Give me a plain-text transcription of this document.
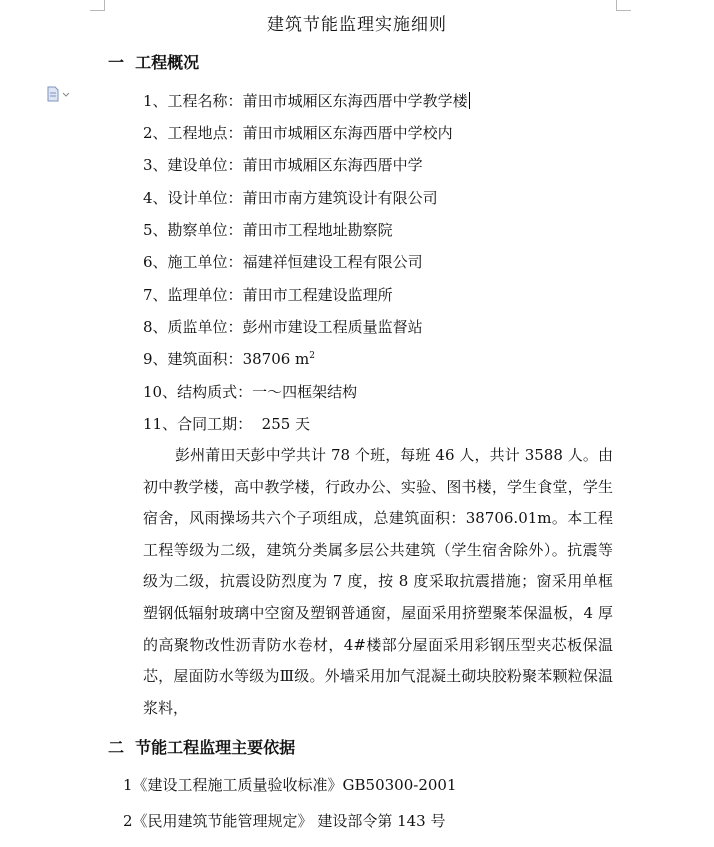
建筑节能监理实施细则
一 工程概况
1、工程名称：莆田市城厢区东海西厝中学教学楼
2、工程地点：莆田市城厢区东海西厝中学校内
3、建设单位：莆田市城厢区东海西厝中学
4、设计单位：莆田市南方建筑设计有限公司
5、勘察单位：莆田市工程地址勘察院
6、施工单位：福建祥恒建设工程有限公司
7、监理单位：莆田市工程建设监理所
8、质监单位：彭州市建设工程质量监督站
9、建筑面积：38706 $m^2$
10、结构质式：一～四框架结构
11、合同工期：  255 天
彭州莆田天彭中学共计 78 个班，每班 46 人，共计 3588 人。由初中教学楼，高中教学楼，行政办公、实验、图书楼，学生食堂，学生宿舍，风雨操场共六个子项组成，总建筑面积：38706.01m。本工程工程等级为二级，建筑分类属多层公共建筑（学生宿舍除外）。抗震等级为二级，抗震设防烈度为 7 度，按 8 度采取抗震措施；窗采用单框塑钢低辐射玻璃中空窗及塑钢普通窗，屋面采用挤塑聚苯保温板，4 厚的高聚物改性沥青防水卷材，4#楼部分屋面采用彩钢压型夹芯板保温芯，屋面防水等级为Ⅲ级。外墙采用加气混凝土砌块胶粉聚苯颗粒保温浆料，
二 节能工程监理主要依据
1《建设工程施工质量验收标准》GB50300-2001
2《民用建筑节能管理规定》 建设部令第 143 号
